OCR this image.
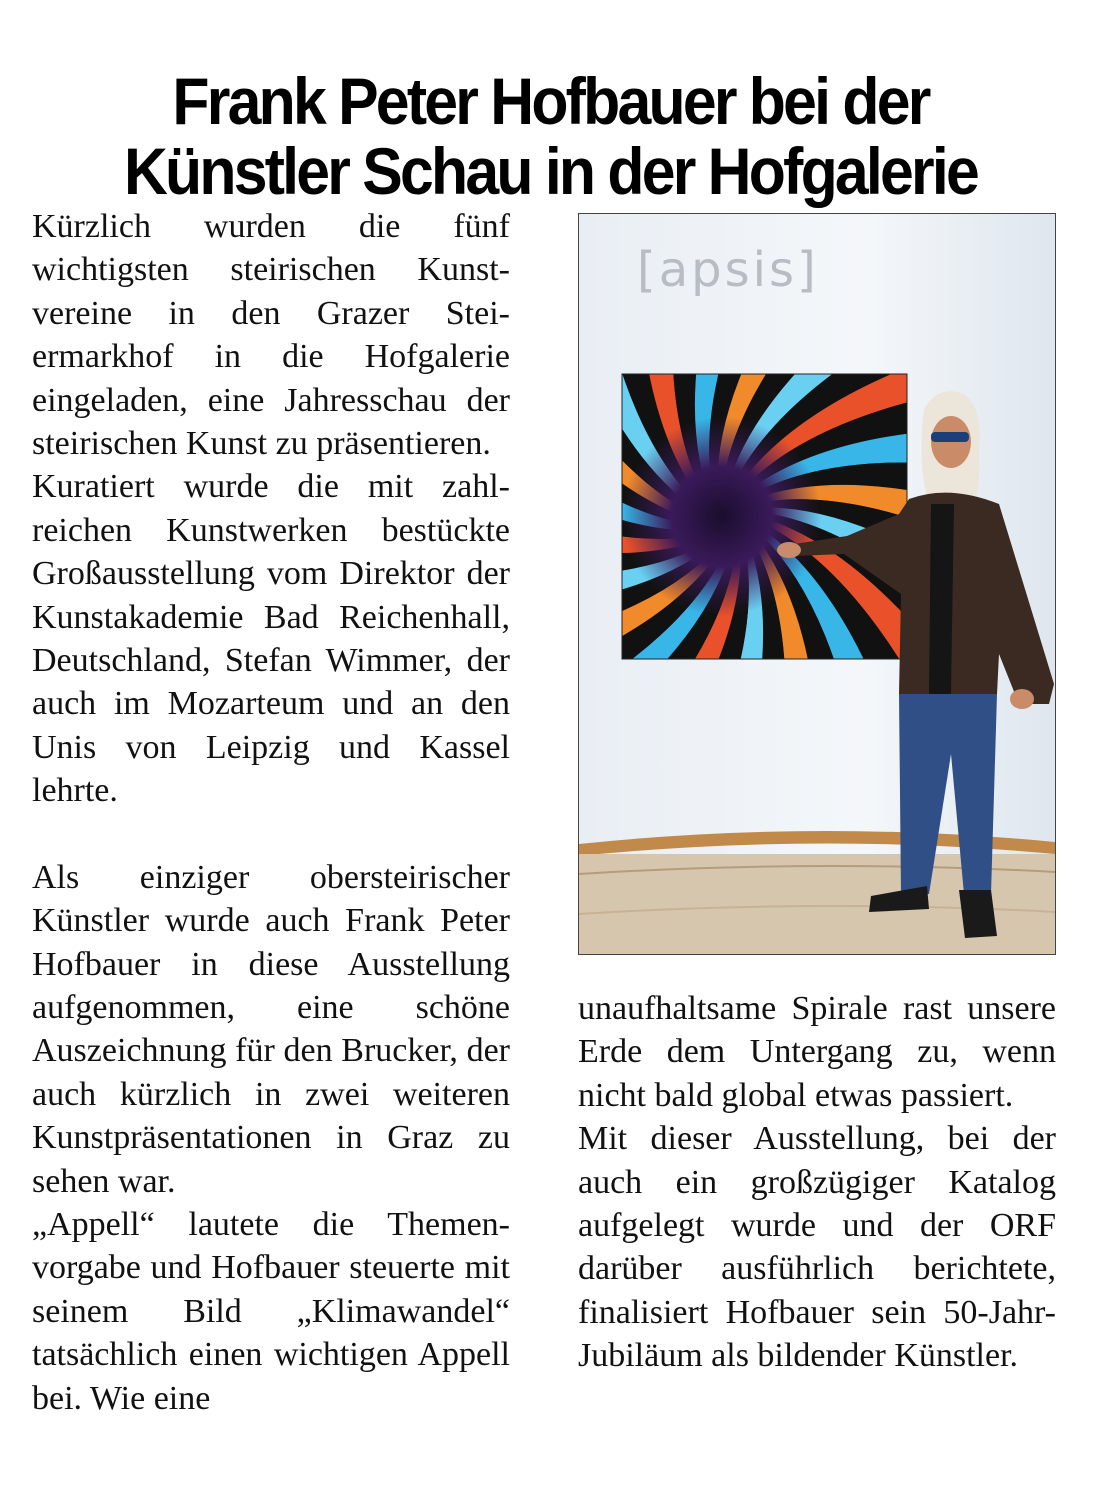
Frank Peter Hofbauer bei der
Künstler Schau in der Hofgalerie

Kürzlich wurden die fünf wichtigsten steirischen Kunstvereine in den Grazer Steiermarkhof in die Hofgalerie eingeladen, eine Jahresschau der steirischen Kunst zu präsentieren.

Kuratiert wurde die mit zahlreichen Kunstwerken bestückte Großausstellung vom Direktor der Kunstakademie Bad Reichenhall, Deutschland, Stefan Wimmer, der auch im Mozarteum und an den Unis von Leipzig und Kassel lehrte.

Als einziger obersteirischer Künstler wurde auch Frank Peter Hofbauer in diese Ausstellung aufgenommen, eine schöne Auszeichnung für den Brucker, der auch kürzlich in zwei weiteren Kunstpräsentationen in Graz zu sehen war.

„Appell“ lautete die Themenvorgabe und Hofbauer steuerte mit seinem Bild „Klimawandel“ tatsächlich einen wichtigen Appell bei. Wie eine

[apsis]

unaufhaltsame Spirale rast unsere Erde dem Untergang zu, wenn nicht bald global etwas passiert.

Mit dieser Ausstellung, bei der auch ein großzügiger Katalog aufgelegt wurde und der ORF darüber ausführlich berichtete, finalisiert Hofbauer sein 50-Jahr-Jubiläum als bildender Künstler.
